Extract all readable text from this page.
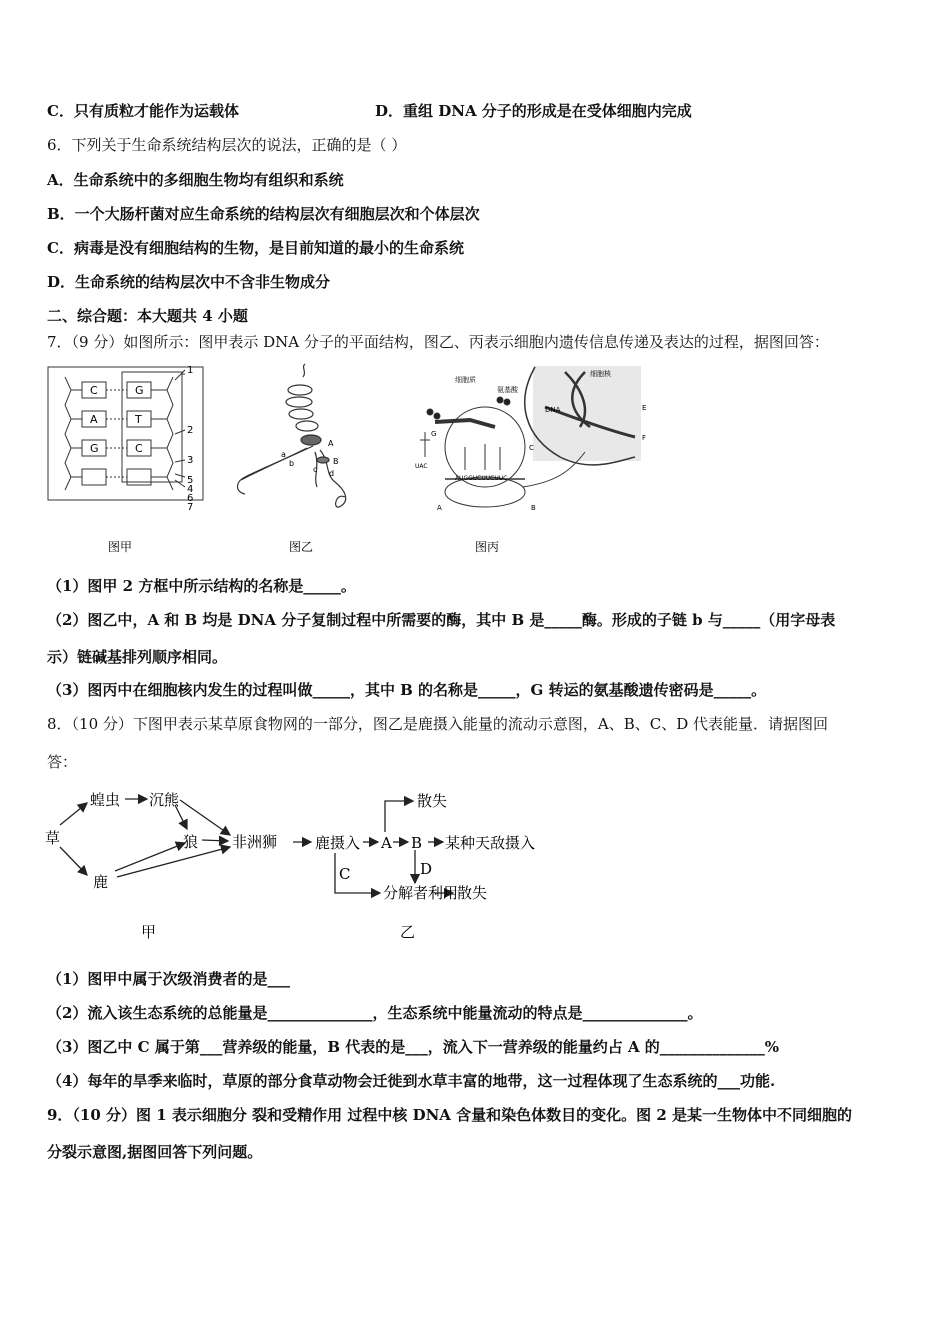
C．只有质粒才能作为运载体	D．重组 DNA 分子的形成是在受体细胞内完成
6．下列关于生命系统结构层次的说法，正确的是（ ）
A．生命系统中的多细胞生物均有组织和系统
B．一个大肠杆菌对应生命系统的结构层次有细胞层次和个体层次
C．病毒是没有细胞结构的生物，是目前知道的最小的生命系统
D．生命系统的结构层次中不含非生物成分
二、综合题：本大题共 4 小题
7．（9 分）如图所示：图甲表示 DNA 分子的平面结构，图乙、丙表示细胞内遗传信息传递及表达的过程，据图回答：
C
A
G
G
T
C
1
2
3
5
4
6
7
A
B
a
b
c d
细胞质
氨基酸
细胞核
DNA	E
F
G
UAC
AUGGUCUUCUUC
A	B
C
图甲	图乙	图丙
（1）图甲 2 方框中所示结构的名称是_____。
（2）图乙中，A 和 B 均是 DNA 分子复制过程中所需要的酶，其中 B 是_____酶。形成的子链 b 与_____（用字母表
示）链碱基排列顺序相同。
（3）图丙中在细胞核内发生的过程叫做_____，其中 B 的名称是_____，G 转运的氨基酸遗传密码是_____。
8．（10 分）下图甲表示某草原食物网的一部分，图乙是鹿摄入能量的流动示意图，A、B、C、D 代表能量．请据图回
答：
草
蝗虫 沉熊
狼 非洲狮
鹿
甲
鹿摄入 A B 某种天敌摄入
散失
C	D
分解者利用
散失
乙
（1）图甲中属于次级消费者的是___
（2）流入该生态系统的总能量是______________，生态系统中能量流动的特点是______________。
（3）图乙中 C 属于第___营养级的能量，B 代表的是___，流入下一营养级的能量约占 A 的______________%
（4）每年的旱季来临时，草原的部分食草动物会迁徙到水草丰富的地带，这一过程体现了生态系统的___功能.
9．（10 分）图 1 表示细胞分 裂和受精作用 过程中核 DNA 含量和染色体数目的变化。图 2 是某一生物体中不同细胞的
分裂示意图,据图回答下列问题。
